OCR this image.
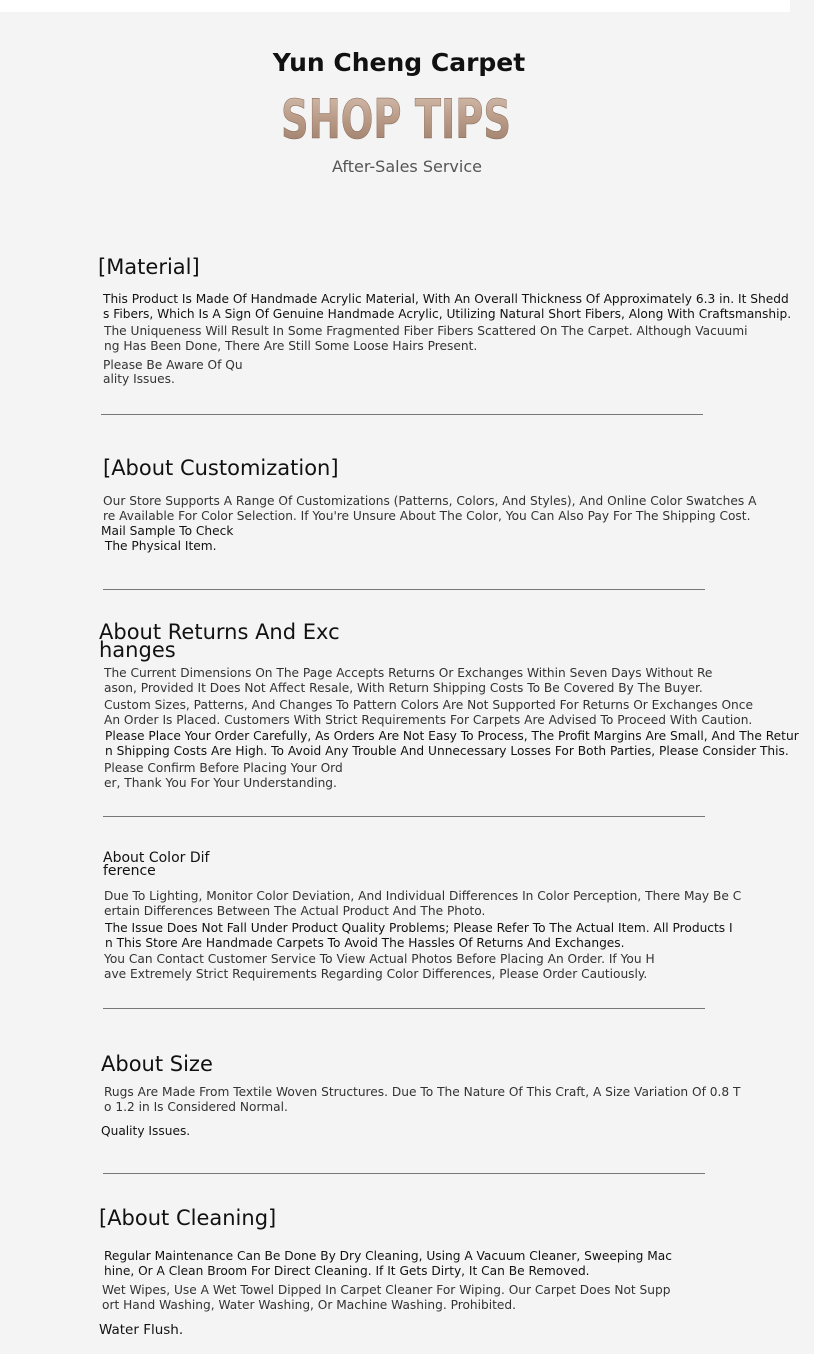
Yun Cheng Carpet
SHOP TIPS
After-Sales Service
[Material]
This Product Is Made Of Handmade Acrylic Material, With An Overall Thickness Of Approximately 6.3 in. It Shedd
s Fibers, Which Is A Sign Of Genuine Handmade Acrylic, Utilizing Natural Short Fibers, Along With Craftsmanship.
The Uniqueness Will Result In Some Fragmented Fiber Fibers Scattered On The Carpet. Although Vacuumi
ng Has Been Done, There Are Still Some Loose Hairs Present.
Please Be Aware Of Qu
ality Issues.
[About Customization]
Our Store Supports A Range Of Customizations (Patterns, Colors, And Styles), And Online Color Swatches A
re Available For Color Selection. If You're Unsure About The Color, You Can Also Pay For The Shipping Cost.
Mail Sample To Check
The Physical Item.
About Returns And Exc
hanges
The Current Dimensions On The Page Accepts Returns Or Exchanges Within Seven Days Without Re
ason, Provided It Does Not Affect Resale, With Return Shipping Costs To Be Covered By The Buyer.
Custom Sizes, Patterns, And Changes To Pattern Colors Are Not Supported For Returns Or Exchanges Once
An Order Is Placed. Customers With Strict Requirements For Carpets Are Advised To Proceed With Caution.
Please Place Your Order Carefully, As Orders Are Not Easy To Process, The Profit Margins Are Small, And The Retur
n Shipping Costs Are High. To Avoid Any Trouble And Unnecessary Losses For Both Parties, Please Consider This.
Please Confirm Before Placing Your Ord
er, Thank You For Your Understanding.
About Color Dif
ference
Due To Lighting, Monitor Color Deviation, And Individual Differences In Color Perception, There May Be C
ertain Differences Between The Actual Product And The Photo.
The Issue Does Not Fall Under Product Quality Problems; Please Refer To The Actual Item. All Products I
n This Store Are Handmade Carpets To Avoid The Hassles Of Returns And Exchanges.
You Can Contact Customer Service To View Actual Photos Before Placing An Order. If You H
ave Extremely Strict Requirements Regarding Color Differences, Please Order Cautiously.
About Size
Rugs Are Made From Textile Woven Structures. Due To The Nature Of This Craft, A Size Variation Of 0.8 T
o 1.2 in Is Considered Normal.
Quality Issues.
[About Cleaning]
Regular Maintenance Can Be Done By Dry Cleaning, Using A Vacuum Cleaner, Sweeping Mac
hine, Or A Clean Broom For Direct Cleaning. If It Gets Dirty, It Can Be Removed.
Wet Wipes, Use A Wet Towel Dipped In Carpet Cleaner For Wiping. Our Carpet Does Not Supp
ort Hand Washing, Water Washing, Or Machine Washing. Prohibited.
Water Flush.
